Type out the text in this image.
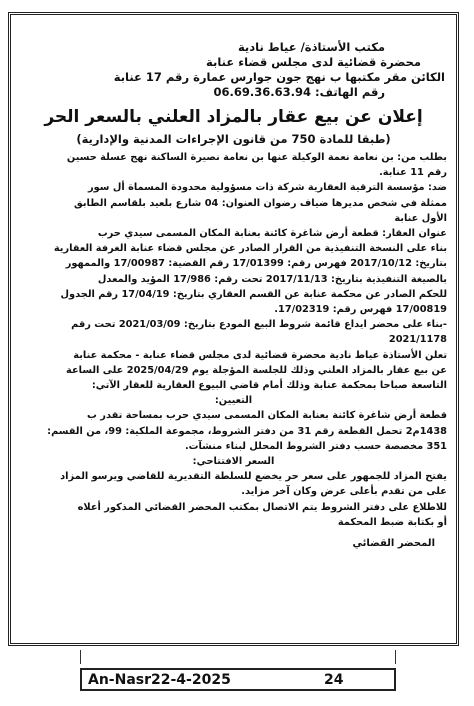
مكتب الأستاذة/ عياط نادية
محضرة قضائية لدى مجلس قضاء عنابة
الكائن مقر مكتبها ب نهج جون جوارس عمارة رقم 17 عنابة
رقم الهاتف: 06.69.36.63.94
إعلان عن بيع عقار بالمزاد العلني بالسعر الحر
(طبقا للمادة 750 من قانون الإجراءات المدنية والإدارية)
بطلب من: بن نعامة نعمة الوكيلة عنها بن نعامة نصيرة الساكنة نهج عسلة حسين
رقم 11 عنابة.
ضد: مؤسسة الترقية العقارية شركة ذات مسؤولية محدودة المسماة أل سور
ممثلة في شخص مديرها ضياف رضوان العنوان: 04 شارع بلعيد بلقاسم الطابق
الأول عنابة
عنوان العقار: قطعة أرض شاغرة كائنة بعنابة المكان المسمى سيدي حرب
بناء على النسخة التنفيذية من القرار الصادر عن مجلس قضاء عنابة الغرفة العقارية
بتاريخ: 2017/10/12 فهرس رقم: 17/01399 رقم القضية: 17/00987 والممهور
بالصيغة التنفيذية بتاريخ: 2017/11/13 تحت رقم: 17/986 المؤيد والمعدل
للحكم الصادر عن محكمة عنابة عن القسم العقاري بتاريخ: 17/04/19 رقم الجدول
17/00819 فهرس رقم: 17/02319.
-بناء على محضر ايداع قائمة شروط البيع المودع بتاريخ: 2021/03/09 تحت رقم
2021/1178
تعلن الأستاذة عياط نادية محضرة قضائية لدى مجلس قضاء عنابة - محكمة عنابة
عن بيع عقار بالمزاد العلني وذلك للجلسة المؤجلة يوم 2025/04/29 على الساعة
التاسعة صباحا بمحكمة عنابة وذلك أمام قاضي البيوع العقارية للعقار الآتي:
التعيين:
قطعة أرض شاغرة كائنة بعنابة المكان المسمى سيدي حرب بمساحة تقدر ب
1438م2 تحمل القطعة رقم 31 من دفتر الشروط، مجموعة الملكية: 99، من القسم:
351 مخصصة حسب دفتر الشروط المحلل لبناء منشآت.
السعر الافتتاحي:
يفتح المزاد للجمهور على سعر حر يخضع للسلطة التقديرية للقاضي ويرسو المزاد
على من تقدم بأعلى عرض وكان آخر مزايد.
للاطلاع على دفتر الشروط يتم الاتصال بمكتب المحضر القضائي المذكور أعلاه
أو بكتابة ضبط المحكمة
المحضر القضائي
An-Nasr22-4-2025	24
